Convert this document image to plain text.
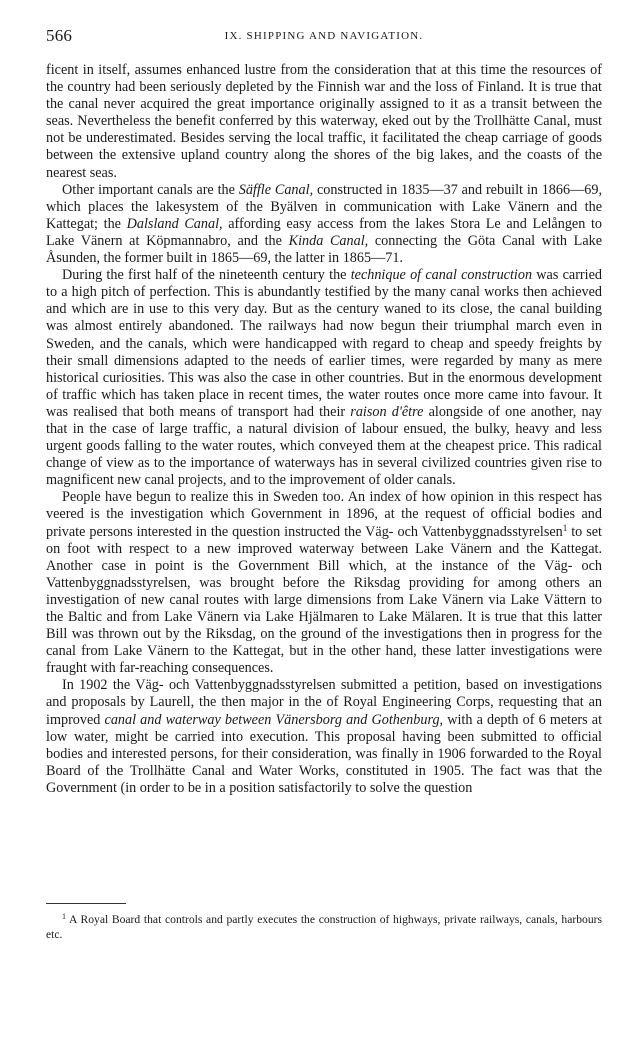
566	IX. SHIPPING AND NAVIGATION.

ficent in itself, assumes enhanced lustre from the consideration that at this time the resources of the country had been seriously depleted by the Finnish war and the loss of Finland. It is true that the canal never acquired the great importance originally assigned to it as a transit between the seas. Nevertheless the benefit conferred by this waterway, eked out by the Trollhätte Canal, must not be underestimated. Besides serving the local traffic, it facilitated the cheap carriage of goods between the extensive upland country along the shores of the big lakes, and the coasts of the nearest seas.

Other important canals are the Säffle Canal, constructed in 1835—37 and rebuilt in 1866—69, which places the lakesystem of the Byälven in communication with Lake Vänern and the Kattegat; the Dalsland Canal, affording easy access from the lakes Stora Le and Lelången to Lake Vänern at Köpmannabro, and the Kinda Canal, connecting the Göta Canal with Lake Åsunden, the former built in 1865—69, the latter in 1865—71.

During the first half of the nineteenth century the technique of canal construction was carried to a high pitch of perfection. This is abundantly testified by the many canal works then achieved and which are in use to this very day. But as the century waned to its close, the canal building was almost entirely abandoned. The railways had now begun their triumphal march even in Sweden, and the canals, which were handicapped with regard to cheap and speedy freights by their small dimensions adapted to the needs of earlier times, were regarded by many as mere historical curiosities. This was also the case in other countries. But in the enormous development of traffic which has taken place in recent times, the water routes once more came into favour. It was realised that both means of transport had their raison d'être alongside of one another, nay that in the case of large traffic, a natural division of labour ensued, the bulky, heavy and less urgent goods falling to the water routes, which conveyed them at the cheapest price. This radical change of view as to the importance of waterways has in several civilized countries given rise to magnificent new canal projects, and to the improvement of older canals.

People have begun to realize this in Sweden too. An index of how opinion in this respect has veered is the investigation which Government in 1896, at the request of official bodies and private persons interested in the question instructed the Väg- och Vattenbyggnadsstyrelsen$^1$ to set on foot with respect to a new improved waterway between Lake Vänern and the Kattegat. Another case in point is the Government Bill which, at the instance of the Väg- och Vattenbyggnadsstyrelsen, was brought before the Riksdag providing for among others an investigation of new canal routes with large dimensions from Lake Vänern via Lake Vättern to the Baltic and from Lake Vänern via Lake Hjälmaren to Lake Mälaren. It is true that this latter Bill was thrown out by the Riksdag, on the ground of the investigations then in progress for the canal from Lake Vänern to the Kattegat, but in the other hand, these latter investigations were fraught with far-reaching consequences.

In 1902 the Väg- och Vattenbyggnadsstyrelsen submitted a petition, based on investigations and proposals by Laurell, the then major in the of Royal Engineering Corps, requesting that an improved canal and waterway between Vänersborg and Gothenburg, with a depth of 6 meters at low water, might be carried into execution. This proposal having been submitted to official bodies and interested persons, for their consideration, was finally in 1906 forwarded to the Royal Board of the Trollhätte Canal and Water Works, constituted in 1905. The fact was that the Government (in order to be in a position satisfactorily to solve the question

$^1$ A Royal Board that controls and partly executes the construction of highways, private railways, canals, harbours etc.
